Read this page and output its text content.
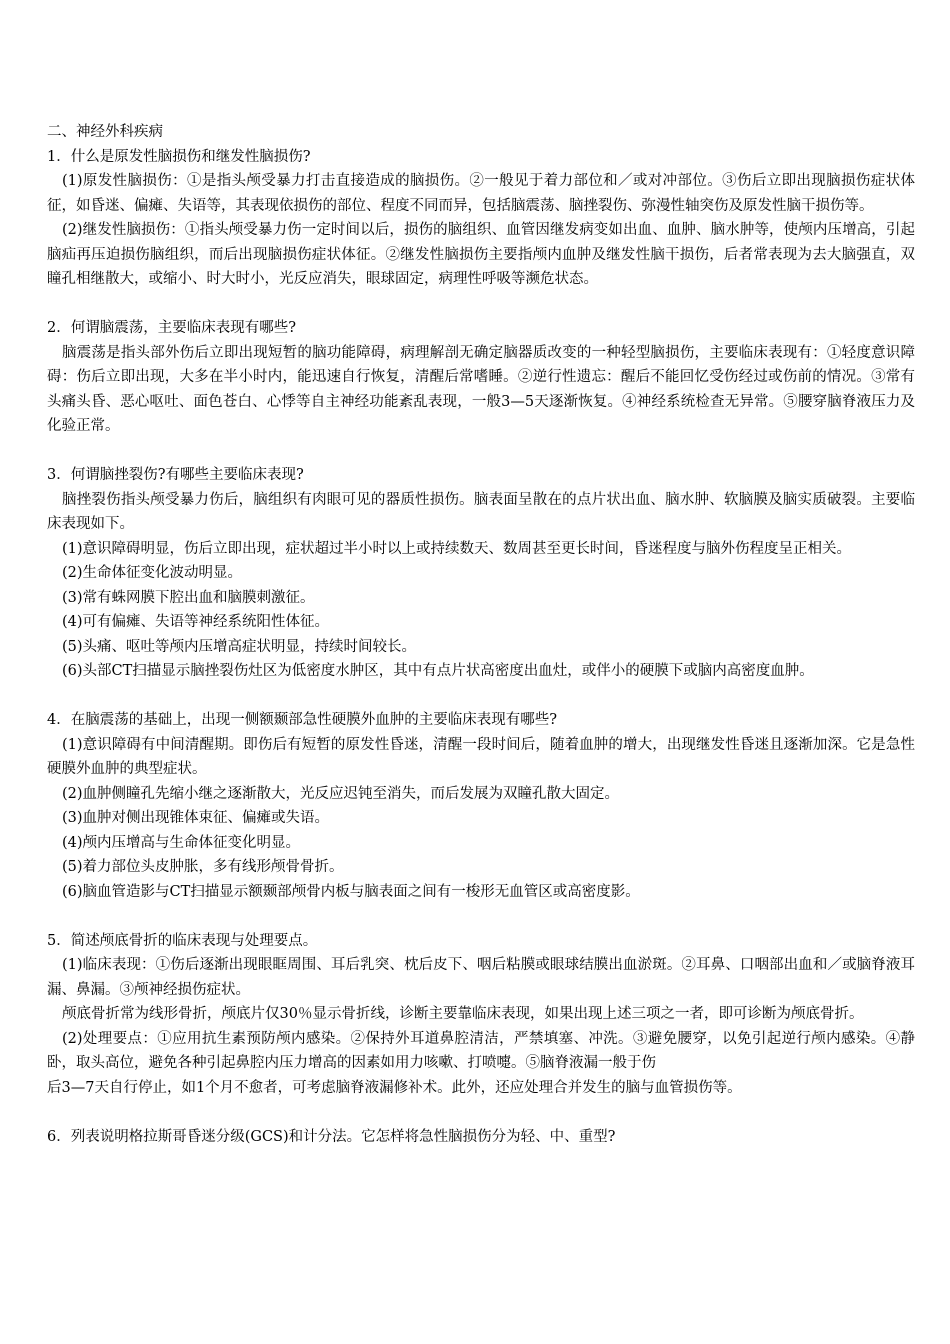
二、神经外科疾病

1．什么是原发性脑损伤和继发性脑损伤?

(1)原发性脑损伤：①是指头颅受暴力打击直接造成的脑损伤。②一般见于着力部位和／或对冲部位。③伤后立即出现脑损伤症状体征，如昏迷、偏瘫、失语等，其表现依损伤的部位、程度不同而异，包括脑震荡、脑挫裂伤、弥漫性轴突伤及原发性脑干损伤等。

(2)继发性脑损伤：①指头颅受暴力伤一定时间以后，损伤的脑组织、血管因继发病变如出血、血肿、脑水肿等，使颅内压增高，引起脑疝再压迫损伤脑组织，而后出现脑损伤症状体征。②继发性脑损伤主要指颅内血肿及继发性脑干损伤，后者常表现为去大脑强直，双瞳孔相继散大，或缩小、时大时小，光反应消失，眼球固定，病理性呼吸等濒危状态。

2．何谓脑震荡，主要临床表现有哪些?

脑震荡是指头部外伤后立即出现短暂的脑功能障碍，病理解剖无确定脑器质改变的一种轻型脑损伤，主要临床表现有：①轻度意识障碍：伤后立即出现，大多在半小时内，能迅速自行恢复，清醒后常嗜睡。②逆行性遗忘：醒后不能回忆受伤经过或伤前的情况。③常有头痛头昏、恶心呕吐、面色苍白、心悸等自主神经功能紊乱表现，一般3—5天逐渐恢复。④神经系统检查无异常。⑤腰穿脑脊液压力及化验正常。

3．何谓脑挫裂伤?有哪些主要临床表现?

脑挫裂伤指头颅受暴力伤后，脑组织有肉眼可见的器质性损伤。脑表面呈散在的点片状出血、脑水肿、软脑膜及脑实质破裂。主要临床表现如下。

(1)意识障碍明显，伤后立即出现，症状超过半小时以上或持续数天、数周甚至更长时间，昏迷程度与脑外伤程度呈正相关。

(2)生命体征变化波动明显。

(3)常有蛛网膜下腔出血和脑膜刺激征。

(4)可有偏瘫、失语等神经系统阳性体征。

(5)头痛、呕吐等颅内压增高症状明显，持续时间较长。

(6)头部CT扫描显示脑挫裂伤灶区为低密度水肿区，其中有点片状高密度出血灶，或伴小的硬膜下或脑内高密度血肿。

4．在脑震荡的基础上，出现一侧额颞部急性硬膜外血肿的主要临床表现有哪些?

(1)意识障碍有中间清醒期。即伤后有短暂的原发性昏迷，清醒一段时间后，随着血肿的增大，出现继发性昏迷且逐渐加深。它是急性硬膜外血肿的典型症状。

(2)血肿侧瞳孔先缩小继之逐渐散大，光反应迟钝至消失，而后发展为双瞳孔散大固定。

(3)血肿对侧出现锥体束征、偏瘫或失语。

(4)颅内压增高与生命体征变化明显。

(5)着力部位头皮肿胀，多有线形颅骨骨折。

(6)脑血管造影与CT扫描显示额颞部颅骨内板与脑表面之间有一梭形无血管区或高密度影。

5．简述颅底骨折的临床表现与处理要点。

(1)临床表现：①伤后逐渐出现眼眶周围、耳后乳突、枕后皮下、咽后粘膜或眼球结膜出血淤斑。②耳鼻、口咽部出血和／或脑脊液耳漏、鼻漏。③颅神经损伤症状。

颅底骨折常为线形骨折，颅底片仅30％显示骨折线，诊断主要靠临床表现，如果出现上述三项之一者，即可诊断为颅底骨折。

(2)处理要点：①应用抗生素预防颅内感染。②保持外耳道鼻腔清洁，严禁填塞、冲洗。③避免腰穿，以免引起逆行颅内感染。④静卧，取头高位，避免各种引起鼻腔内压力增高的因素如用力咳嗽、打喷嚏。⑤脑脊液漏一般于伤

后3—7天自行停止，如1个月不愈者，可考虑脑脊液漏修补术。此外，还应处理合并发生的脑与血管损伤等。

6．列表说明格拉斯哥昏迷分级(GCS)和计分法。它怎样将急性脑损伤分为轻、中、重型?
